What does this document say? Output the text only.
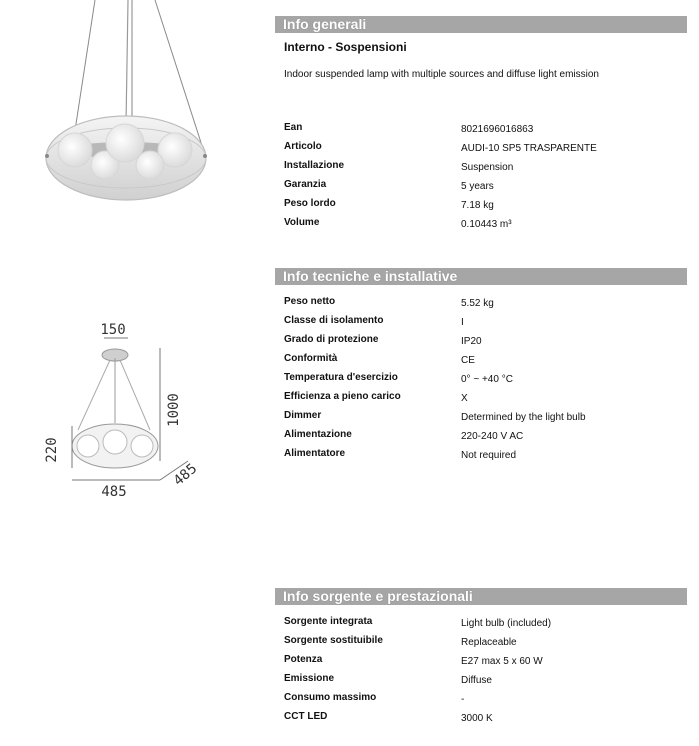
150
1000
220
485
485
Info generali
Interno - Sospensioni
Indoor suspended lamp with multiple sources and diffuse light emission
Ean	8021696016863
Articolo	AUDI-10 SP5 TRASPARENTE
Installazione	Suspension
Garanzia	5 years
Peso lordo	7.18 kg
Volume	0.10443 m³
Info tecniche e installative
Peso netto	5.52 kg
Classe di isolamento	I
Grado di protezione	IP20
Conformità	CE
Temperatura d'esercizio	0° ~ +40 °C
Efficienza a pieno carico	X
Dimmer	Determined by the light bulb
Alimentazione	220-240 V AC
Alimentatore	Not required
Info sorgente e prestazionali
Sorgente integrata	Light bulb (included)
Sorgente sostituibile	Replaceable
Potenza	E27 max 5 x 60 W
Emissione	Diffuse
Consumo massimo	-
CCT LED	3000 K
